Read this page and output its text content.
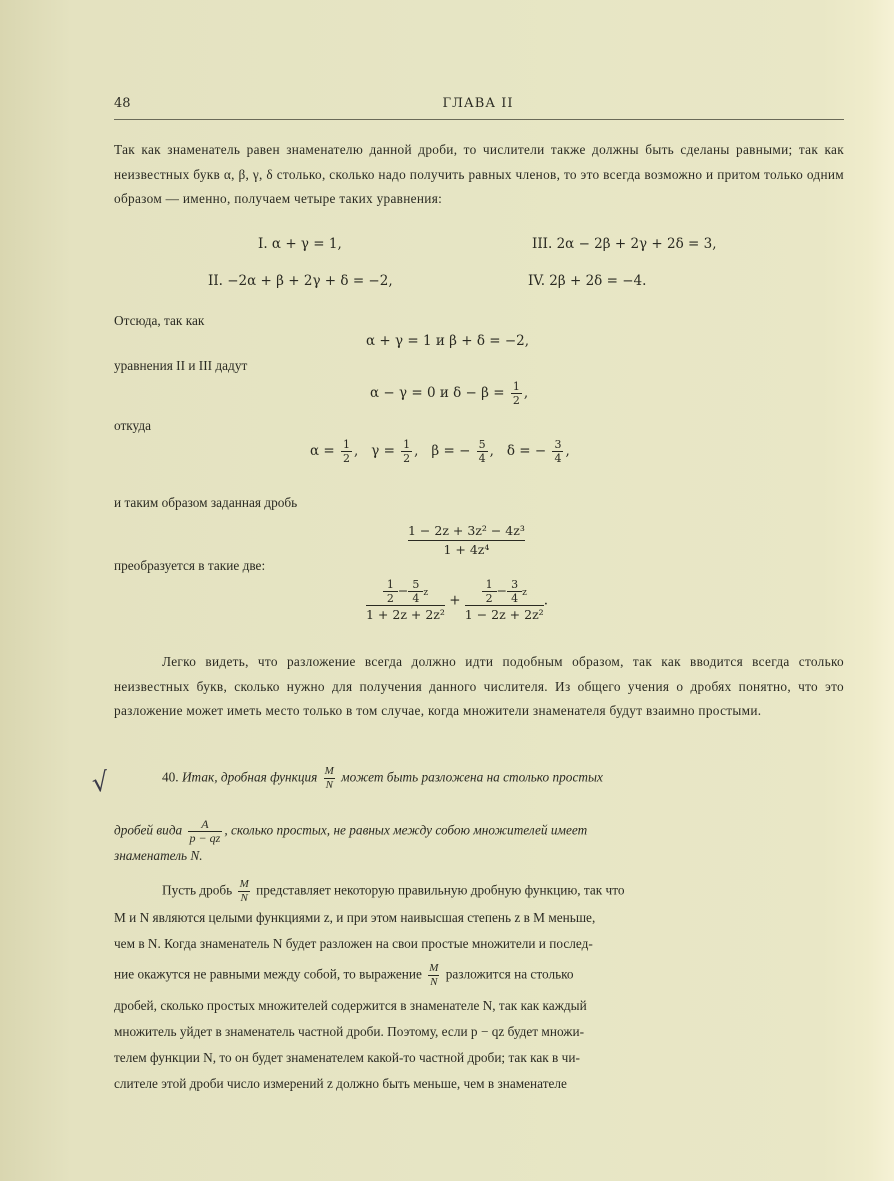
48	ГЛАВА II
Так как знаменатель равен знаменателю данной дроби, то числители также должны быть сделаны равными; так как неизвестных букв α, β, γ, δ столько, сколько надо получить равных членов, то это всегда возможно и притом только одним образом — именно, получаем четыре таких уравнения:
I. α + γ = 1,	III. 2α − 2β + 2γ + 2δ = 3,
II. −2α + β + 2γ + δ = −2,	IV. 2β + 2δ = −4.
Отсюда, так как
α + γ = 1 и β + δ = −2,
уравнения II и III дадут
α − γ = 0 и $\delta - \beta = \frac{1}{2}$ ,
откуда
$\alpha = \frac{1}{2}$ ,   $\gamma = \frac{1}{2}$ ,   β = − $\frac{5}{4}$ ,   δ = − $\frac{3}{4}$ ,
и таким образом заданная дробь
$\frac{\text{1 − 2z + 3z² − 4z³}}{\text{1 + 4z⁴}}$
преобразуется в такие две:
$\frac{\frac{1}{2} - \frac{5}{4} z}{\text{1 + 2z + 2z²}} + \frac{\frac{1}{2} - \frac{3}{4} z}{\text{1 − 2z + 2z²}}$ .
Легко видеть, что разложение всегда должно идти подобным образом, так как вводится всегда столько неизвестных букв, сколько нужно для получения данного числителя. Из общего учения о дробях понятно, что это разложение может иметь место только в том случае, когда множители знаменателя будут взаимно простыми.
√	40. Итак, дробная функция $\frac{M}{N}$ может быть разложена на столько простых
дробей вида $\frac{A}{p - qz}$ , сколько простых, не равных между собою множителей имеет
знаменатель N.
Пусть дробь $\frac{M}{N}$ представляет некоторую правильную дробную функцию, так что
M и N являются целыми функциями z, и при этом наивысшая степень z в M меньше,
чем в N. Когда знаменатель N будет разложен на свои простые множители и послед-
ние окажутся не равными между собой, то выражение $\frac{M}{N}$ разложится на столько
дробей, сколько простых множителей содержится в знаменателе N, так как каждый
множитель уйдет в знаменатель частной дроби. Поэтому, если p − qz будет множи-
телем функции N, то он будет знаменателем какой-то частной дроби; так как в чи-
слителе этой дроби число измерений z должно быть меньше, чем в знаменателе
